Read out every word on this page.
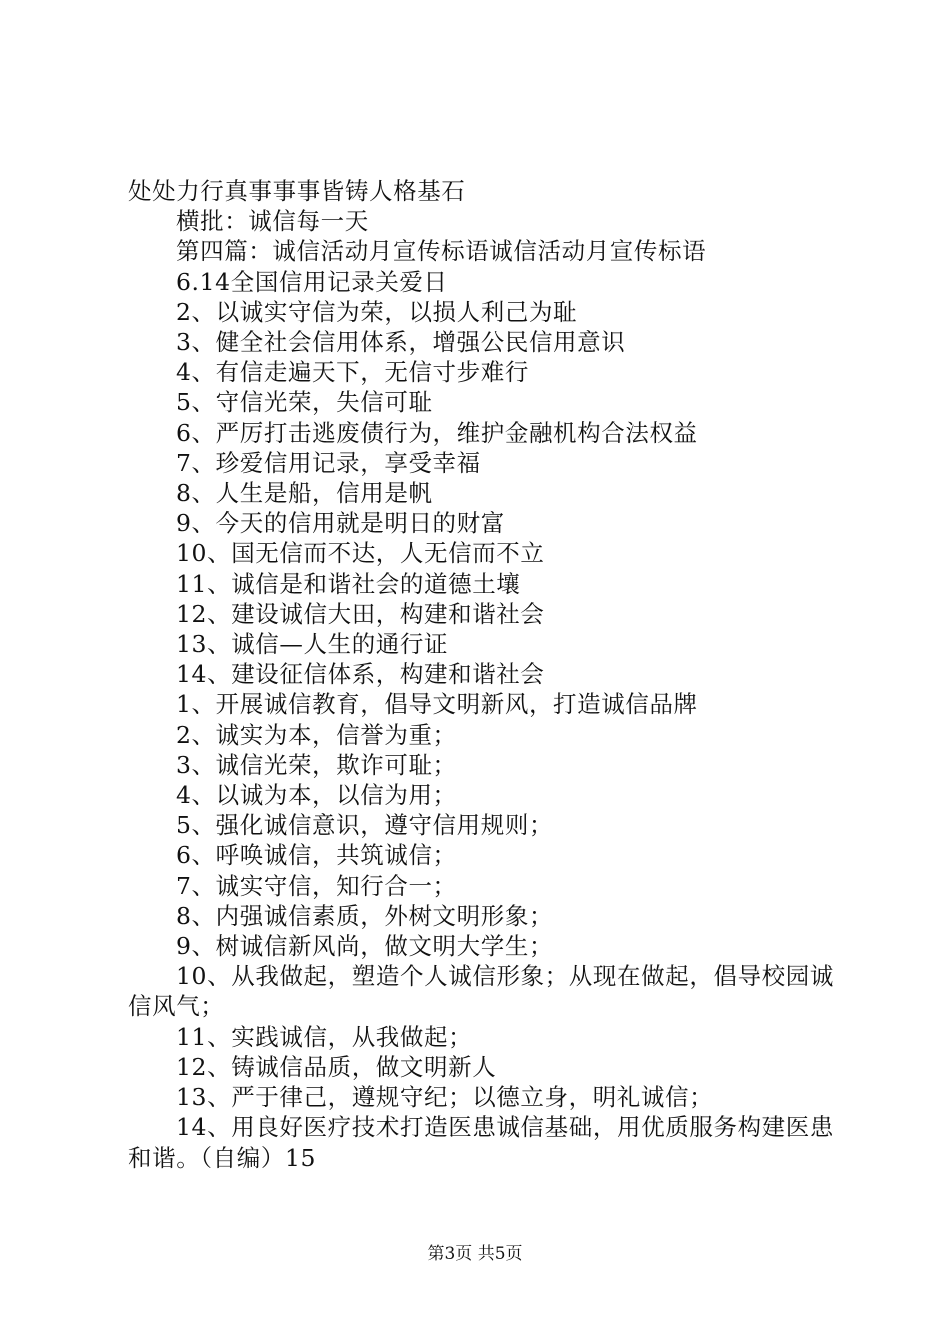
处处力行真事事事皆铸人格基石
横批：诚信每一天
第四篇：诚信活动月宣传标语诚信活动月宣传标语
6.14全国信用记录关爱日
2、以诚实守信为荣，以损人利己为耻
3、健全社会信用体系，增强公民信用意识
4、有信走遍天下，无信寸步难行
5、守信光荣，失信可耻
6、严厉打击逃废债行为，维护金融机构合法权益
7、珍爱信用记录，享受幸福
8、人生是船，信用是帆
9、今天的信用就是明日的财富
10、国无信而不达，人无信而不立
11、诚信是和谐社会的道德土壤
12、建设诚信大田，构建和谐社会
13、诚信—人生的通行证
14、建设征信体系，构建和谐社会
1、开展诚信教育，倡导文明新风，打造诚信品牌
2、诚实为本，信誉为重；
3、诚信光荣，欺诈可耻；
4、以诚为本，以信为用；
5、强化诚信意识，遵守信用规则；
6、呼唤诚信，共筑诚信；
7、诚实守信，知行合一；
8、内强诚信素质，外树文明形象；
9、树诚信新风尚，做文明大学生；
10、从我做起，塑造个人诚信形象；从现在做起，倡导校园诚信风气；
11、实践诚信，从我做起；
12、铸诚信品质，做文明新人
13、严于律己，遵规守纪；以德立身，明礼诚信；
14、用良好医疗技术打造医患诚信基础，用优质服务构建医患和谐。（自编）15
第3页 共5页
